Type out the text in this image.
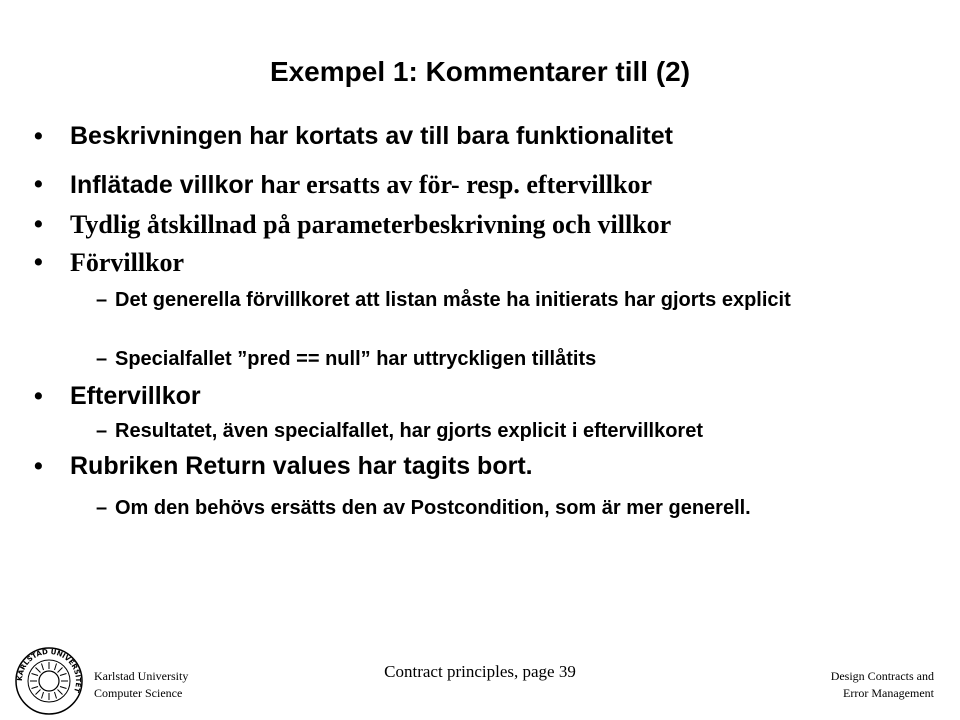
Exempel 1: Kommentarer till (2)
• Beskrivningen har kortats av till bara funktionalitet
• Inflätade villkor har ersatts av för- resp. eftervillkor
• Tydlig åtskillnad på parameterbeskrivning och villkor
• Förvillkor
– Det generella förvillkoret att listan måste ha initierats har gjorts explicit
– Specialfallet ”pred == null” har uttryckligen tillåtits
• Eftervillkor
– Resultatet, även specialfallet, har gjorts explicit i eftervillkoret
• Rubriken Return values har tagits bort.
– Om den behövs ersätts den av Postcondition, som är mer generell.
KARLSTAD UNIVERSITET
Karlstad University
Computer Science
Contract principles, page 39	Design Contracts and
Error Management
